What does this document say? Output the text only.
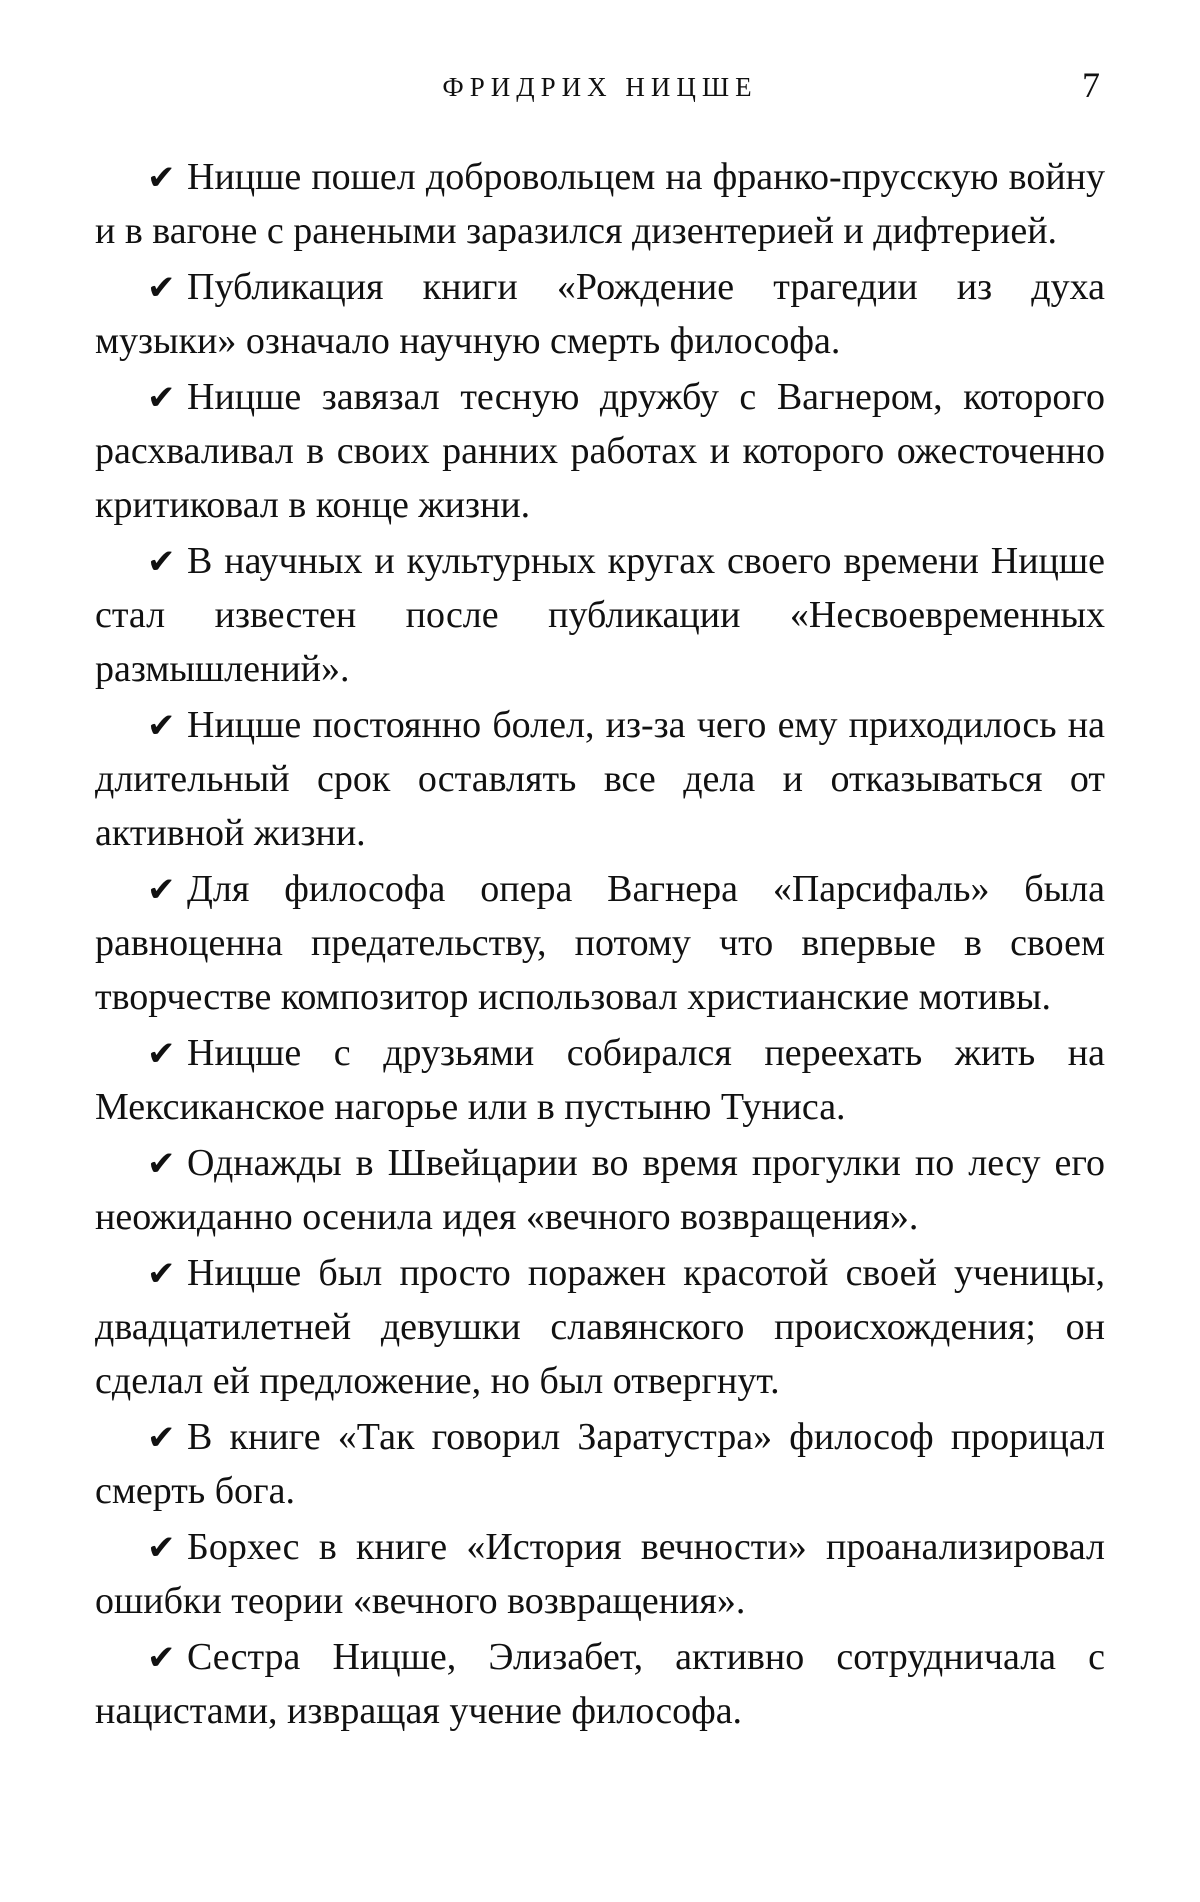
ФРИДРИХ НИЦШЕ	7

✔ Ницше пошел добровольцем на франко-прусскую войну и в вагоне с ранеными заразился дизентерией и дифтерией.

✔ Публикация книги «Рождение трагедии из духа музыки» означало научную смерть философа.

✔ Ницше завязал тесную дружбу с Вагнером, которого расхваливал в своих ранних работах и которого ожесточенно критиковал в конце жизни.

✔ В научных и культурных кругах своего времени Ницше стал известен после публикации «Несвоевременных размышлений».

✔ Ницше постоянно болел, из-за чего ему приходилось на длительный срок оставлять все дела и отказываться от активной жизни.

✔ Для философа опера Вагнера «Парсифаль» была равноценна предательству, потому что впервые в своем творчестве композитор использовал христианские мотивы.

✔ Ницше с друзьями собирался переехать жить на Мексиканское нагорье или в пустыню Туниса.

✔ Однажды в Швейцарии во время прогулки по лесу его неожиданно осенила идея «вечного возвращения».

✔ Ницше был просто поражен красотой своей ученицы, двадцатилетней девушки славянского происхождения; он сделал ей предложение, но был отвергнут.

✔ В книге «Так говорил Заратустра» философ прорицал смерть бога.

✔ Борхес в книге «История вечности» проанализировал ошибки теории «вечного возвращения».

✔ Сестра Ницше, Элизабет, активно сотрудничала с нацистами, извращая учение философа.
